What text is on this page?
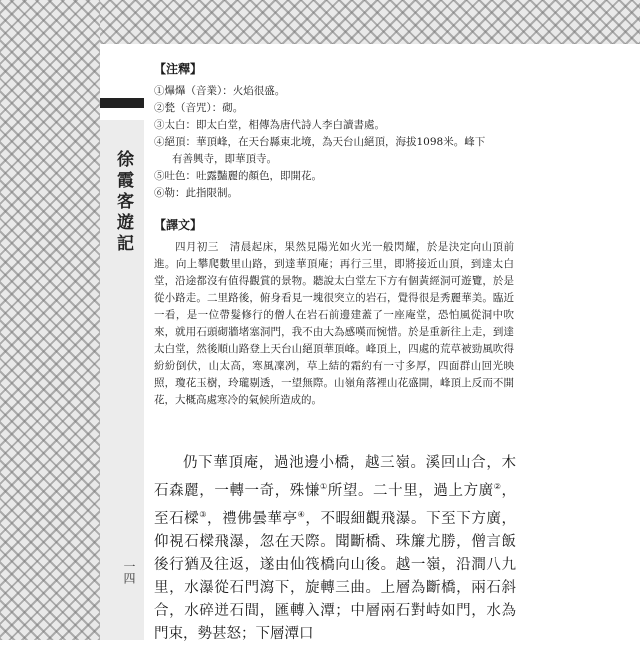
徐霞客遊記
一四
【注釋】

①爗爗（音業）：火焰很盛。

②甃（音咒）：砌。

③太白：即太白堂，相傳為唐代詩人李白讀書處。

④絕頂：華頂峰，在天台縣東北境，為天台山絕頂，海拔1098米。峰下
有善興寺，即華頂寺。

⑤吐色：吐露豔麗的顏色，即開花。

⑥勒：此指限制。

【譯文】

四月初三　清晨起床，果然見陽光如火光一般閃耀，於是決定向山頂前進。向上攀爬數里山路，到達華頂庵；再行三里，即將接近山頂，到達太白堂，沿途都沒有值得觀賞的景物。聽說太白堂左下方有個黃經洞可遊覽，於是從小路走。二里路後，俯身看見一塊很突立的岩石，覺得很是秀麗華美。臨近一看，是一位帶髮修行的僧人在岩石前邊建蓋了一座庵堂，恐怕風從洞中吹來，就用石頭砌牆堵塞洞門，我不由大為感嘆而惋惜。於是重新往上走，到達太白堂，然後順山路登上天台山絕頂華頂峰。峰頂上，四處的荒草被勁風吹得紛紛倒伏，山太高，寒風凜冽，草上結的霜約有一寸多厚，四面群山回光映照，瓊花玉樹，玲瓏剔透，一望無際。山嶺角落裡山花盛開，峰頂上反而不開花，大概高處寒冷的氣候所造成的。

仍下華頂庵，過池邊小橋，越三嶺。溪回山合，木石森麗，一轉一奇，殊慊①所望。二十里，過上方廣②，至石樑③，禮佛曇華亭④，不暇細觀飛瀑。下至下方廣，仰視石樑飛瀑，忽在天際。聞斷橋、珠簾尤勝，僧言飯後行猶及往返，遂由仙筏橋向山後。越一嶺，沿澗八九里，水瀑從石門瀉下，旋轉三曲。上層為斷橋，兩石斜合，水碎迸石間，匯轉入潭；中層兩石對峙如門，水為門束，勢甚怒；下層潭口
